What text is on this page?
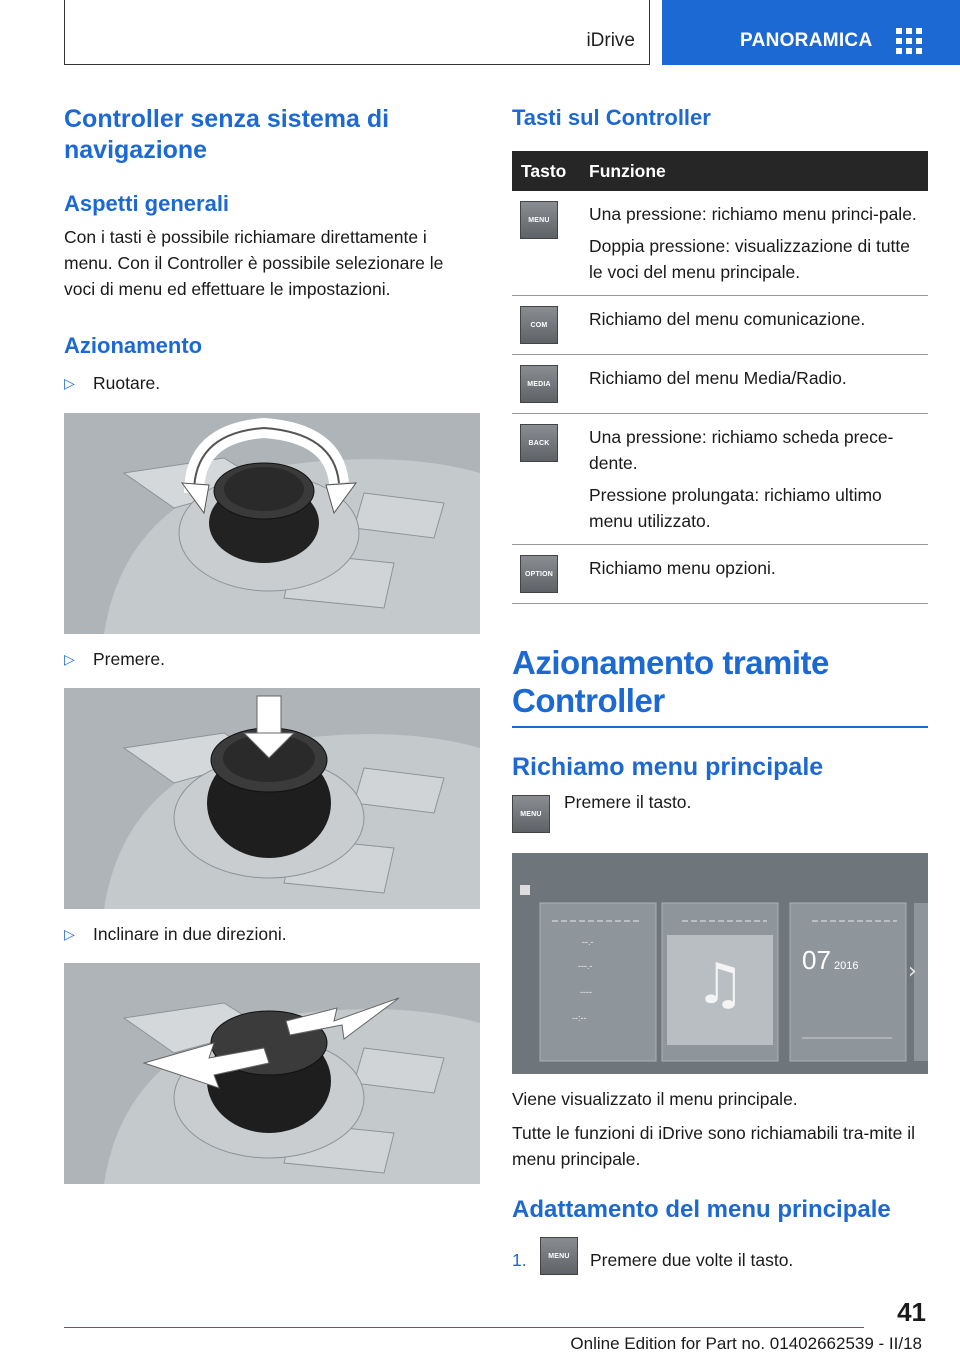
iDrive	PANORAMICA
Controller senza sistema di navigazione
Aspetti generali

Con i tasti è possibile richiamare direttamente i menu. Con il Controller è possibile selezionare le voci di menu ed effettuare le impostazioni.

Azionamento
▷	Ruotare.
▷	Premere.
▷	Inclinare in due direzioni.
Tasti sul Controller
Tasto	Funzione
MENU	Una pressione: richiamo menu princi-pale.

Doppia pressione: visualizzazione di tutte le voci del menu principale.

COM	Richiamo del menu comunicazione.

MEDIA	Richiamo del menu Media/Radio.

BACK	Una pressione: richiamo scheda prece-dente.

Pressione prolungata: richiamo ultimo menu utilizzato.

OPTION Richiamo menu opzioni.

Azionamento tramite Controller
Richiamo menu principale
MENU
Premere il tasto.
♫	›
07 2016
--.-
---.-
----
--:--

Viene visualizzato il menu principale.

Tutte le funzioni di iDrive sono richiamabili tra-mite il menu principale.

Adattamento del menu principale
1.	MENU	Premere due volte il tasto.
41
Online Edition for Part no. 01402662539 - II/18
